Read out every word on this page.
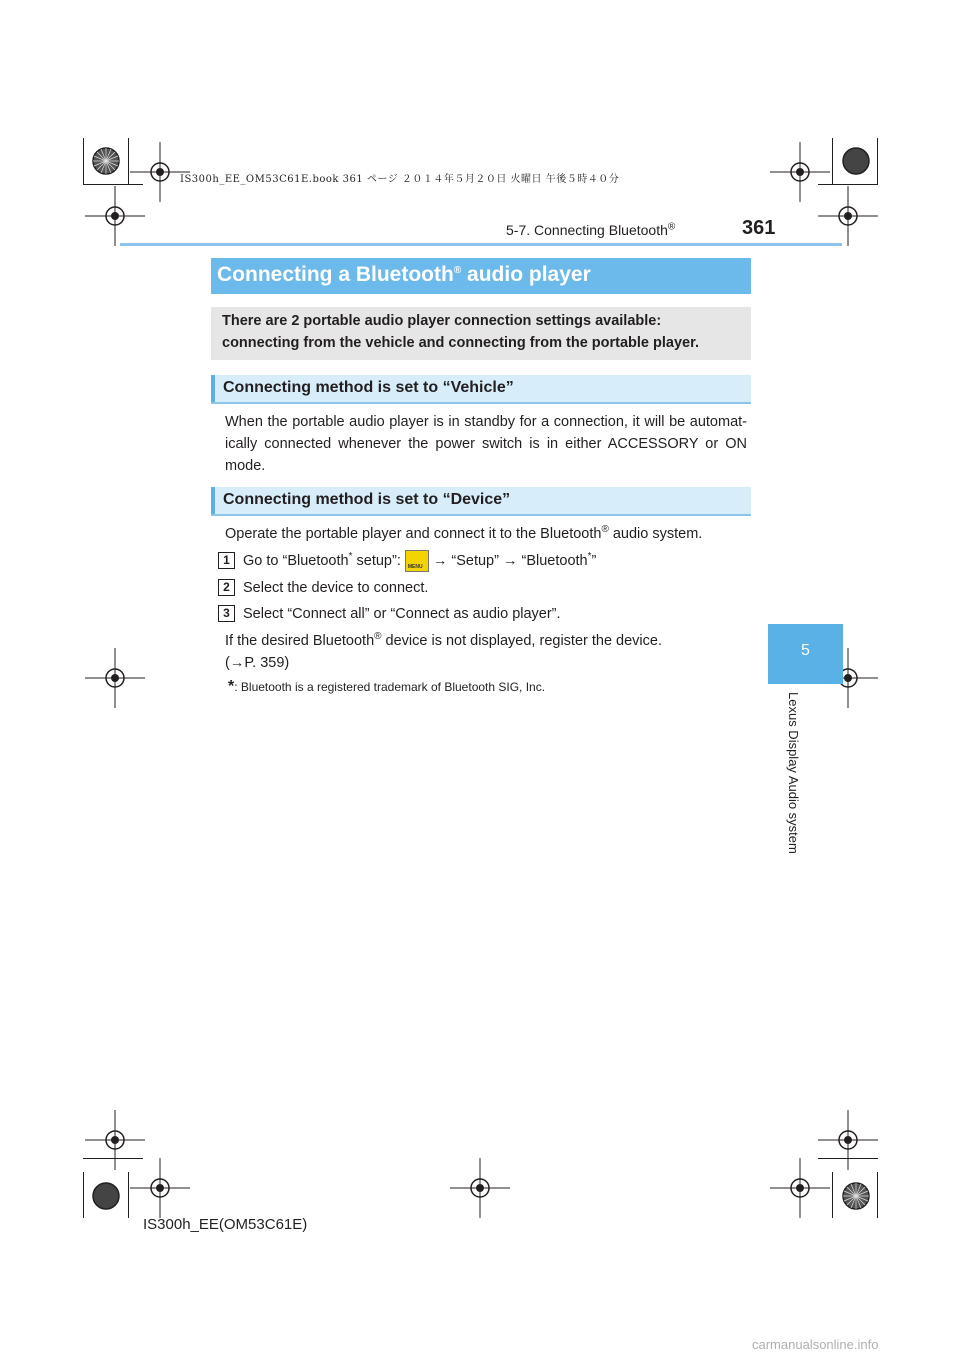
IS300h_EE_OM53C61E.book 361 ページ ２０１４年５月２０日 火曜日 午後５時４０分
5-7. Connecting Bluetooth®	361
5
Lexus Display Audio system
Connecting a Bluetooth® audio player
There are 2 portable audio player connection settings available: connecting from the vehicle and connecting from the portable player.
Connecting method is set to “Vehicle”
When the portable audio player is in standby for a connection, it will be automat-ically connected whenever the power switch is in either ACCESSORY or ON mode.
Connecting method is set to “Device”
Operate the portable player and connect it to the Bluetooth® audio system.
1 Go to “Bluetooth* setup”: MENU → “Setup” → “Bluetooth*”
2 Select the device to connect.
3 Select “Connect all” or “Connect as audio player”.
If the desired Bluetooth® device is not displayed, register the device.
(→P. 359)
*: Bluetooth is a registered trademark of Bluetooth SIG, Inc.
IS300h_EE(OM53C61E)
carmanualsonline.info
